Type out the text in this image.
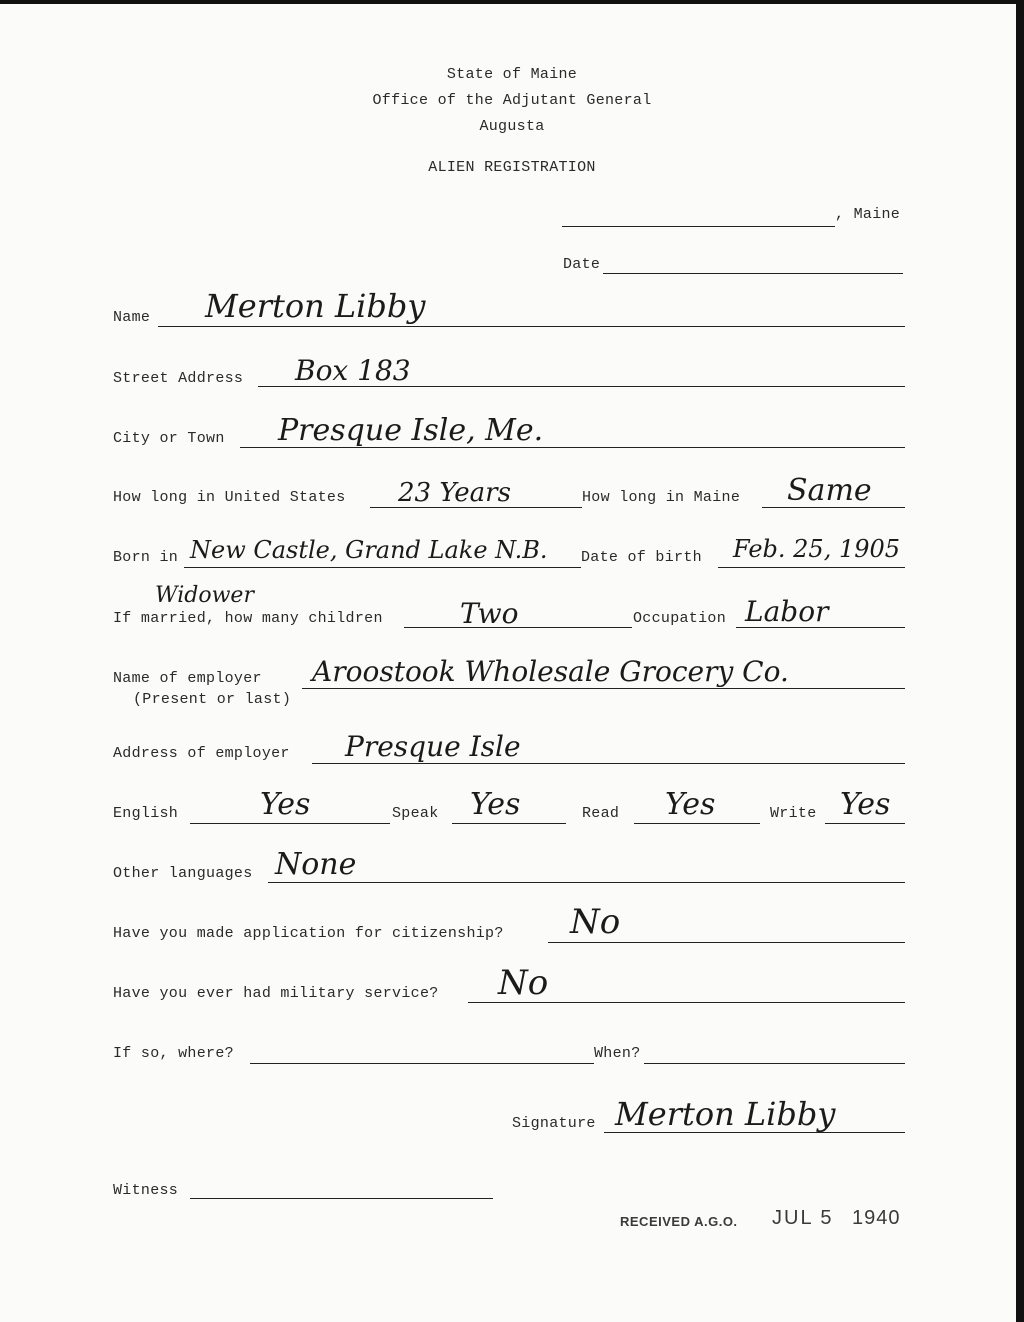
State of Maine
Office of the Adjutant General
Augusta
ALIEN REGISTRATION
, Maine
Date
Name Merton Libby
Street Address Box 183
City or Town Presque Isle, Me.
How long in United States 23 Years	How long in Maine Same
Born in New Castle, Grand Lake N.B. Date of birth Feb. 25, 1905
Widower
If married, how many children	Two	Occupation Labor
Name of employer
(Present or last)
Aroostook Wholesale Grocery Co.
Address of employer Presque Isle
English	Yes	Speak Yes	Read Yes	Write Yes
Other languages None
Have you made application for citizenship? No
Have you ever had military service? No
If so, where?	When?
Signature Merton Libby
Witness
RECEIVED A.G.O. JUL 5 1940
